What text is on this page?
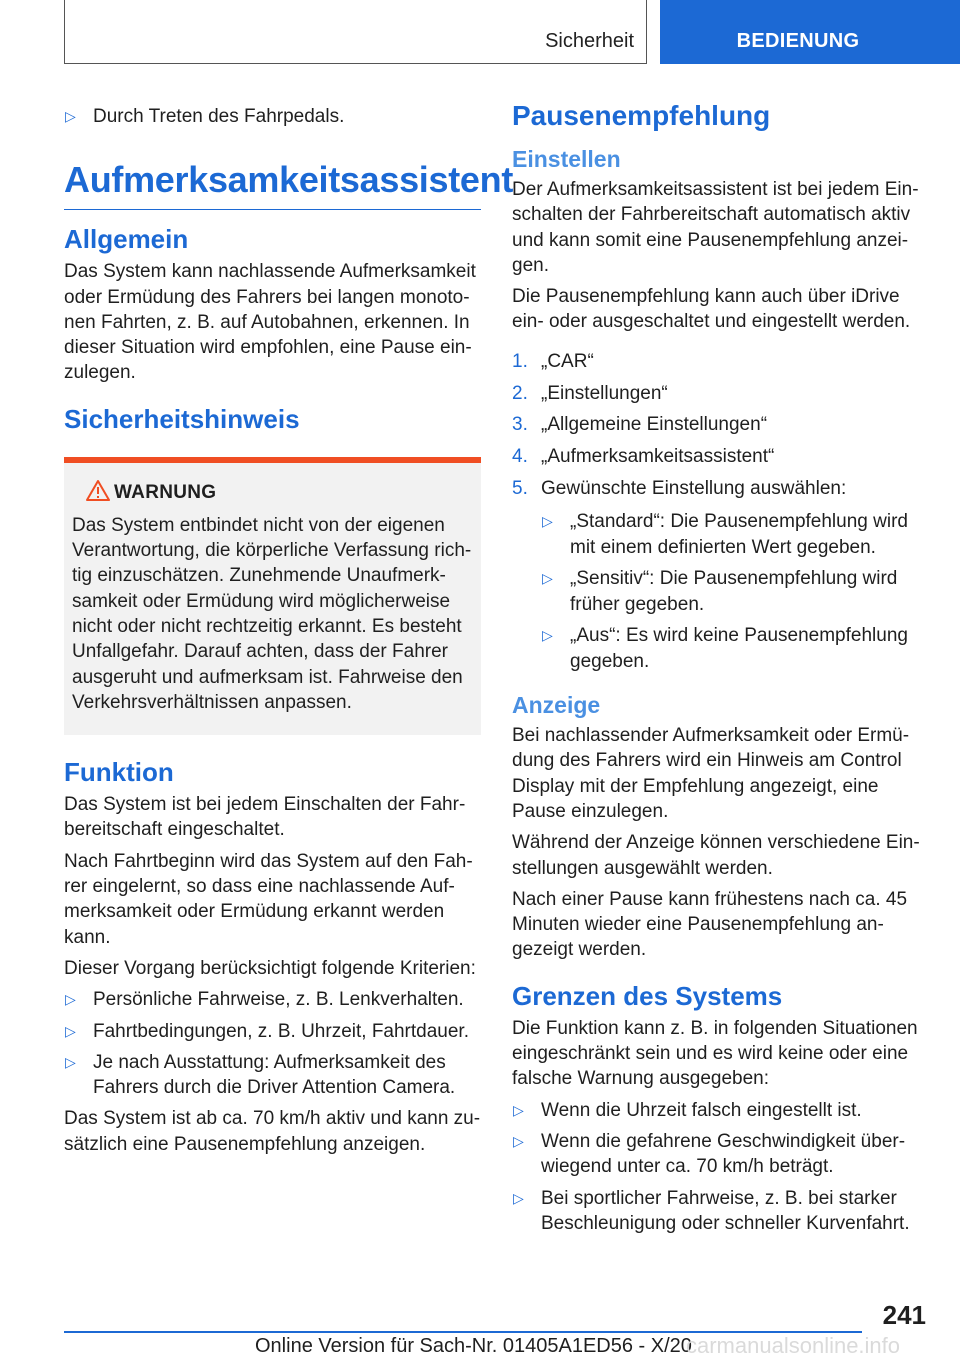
Sicherheit	BEDIENUNG
▷ Durch Treten des Fahrpedals.
Aufmerksamkeitsassistent
Allgemein

Das System kann nachlassende Aufmerksamkeit oder Ermüdung des Fahrers bei langen monotonen Fahrten, z. B. auf Autobahnen, erkennen. In dieser Situation wird empfohlen, eine Pause einzulegen.

Sicherheitshinweis
WARNUNG

Das System entbindet nicht von der eigenen Verantwortung, die körperliche Verfassung richtig einzuschätzen. Zunehmende Unaufmerksamkeit oder Ermüdung wird möglicherweise nicht oder nicht rechtzeitig erkannt. Es besteht Unfallgefahr. Darauf achten, dass der Fahrer ausgeruht und aufmerksam ist. Fahrweise den Verkehrsverhältnissen anpassen.

Funktion

Das System ist bei jedem Einschalten der Fahrbereitschaft eingeschaltet.

Nach Fahrtbeginn wird das System auf den Fahrer eingelernt, so dass eine nachlassende Aufmerksamkeit oder Ermüdung erkannt werden kann.

Dieser Vorgang berücksichtigt folgende Kriterien:

▷ Persönliche Fahrweise, z. B. Lenkverhalten.
▷ Fahrtbedingungen, z. B. Uhrzeit, Fahrtdauer.
▷ Je nach Ausstattung: Aufmerksamkeit des Fahrers durch die Driver Attention Camera.

Das System ist ab ca. 70 km/h aktiv und kann zusätzlich eine Pausenempfehlung anzeigen.

Pausenempfehlung
Einstellen

Der Aufmerksamkeitsassistent ist bei jedem Einschalten der Fahrbereitschaft automatisch aktiv und kann somit eine Pausenempfehlung anzeigen.

Die Pausenempfehlung kann auch über iDrive ein- oder ausgeschaltet und eingestellt werden.

1. „CAR“
2. „Einstellungen“
3. „Allgemeine Einstellungen“
4. „Aufmerksamkeitsassistent“
5. Gewünschte Einstellung auswählen:
▷ „Standard“: Die Pausenempfehlung wird mit einem definierten Wert gegeben.
▷ „Sensitiv“: Die Pausenempfehlung wird früher gegeben.
▷ „Aus“: Es wird keine Pausenempfehlung gegeben.
Anzeige

Bei nachlassender Aufmerksamkeit oder Ermüdung des Fahrers wird ein Hinweis am Control Display mit der Empfehlung angezeigt, eine Pause einzulegen.

Während der Anzeige können verschiedene Einstellungen ausgewählt werden.

Nach einer Pause kann frühestens nach ca. 45 Minuten wieder eine Pausenempfehlung angezeigt werden.

Grenzen des Systems

Die Funktion kann z. B. in folgenden Situationen eingeschränkt sein und es wird keine oder eine falsche Warnung ausgegeben:

▷ Wenn die Uhrzeit falsch eingestellt ist.
▷ Wenn die gefahrene Geschwindigkeit überwiegend unter ca. 70 km/h beträgt.
▷ Bei sportlicher Fahrweise, z. B. bei starker Beschleunigung oder schneller Kurvenfahrt.
241
Online Version für Sach-Nr. 01405A1ED56 - X/20
carmanualsonline.info
